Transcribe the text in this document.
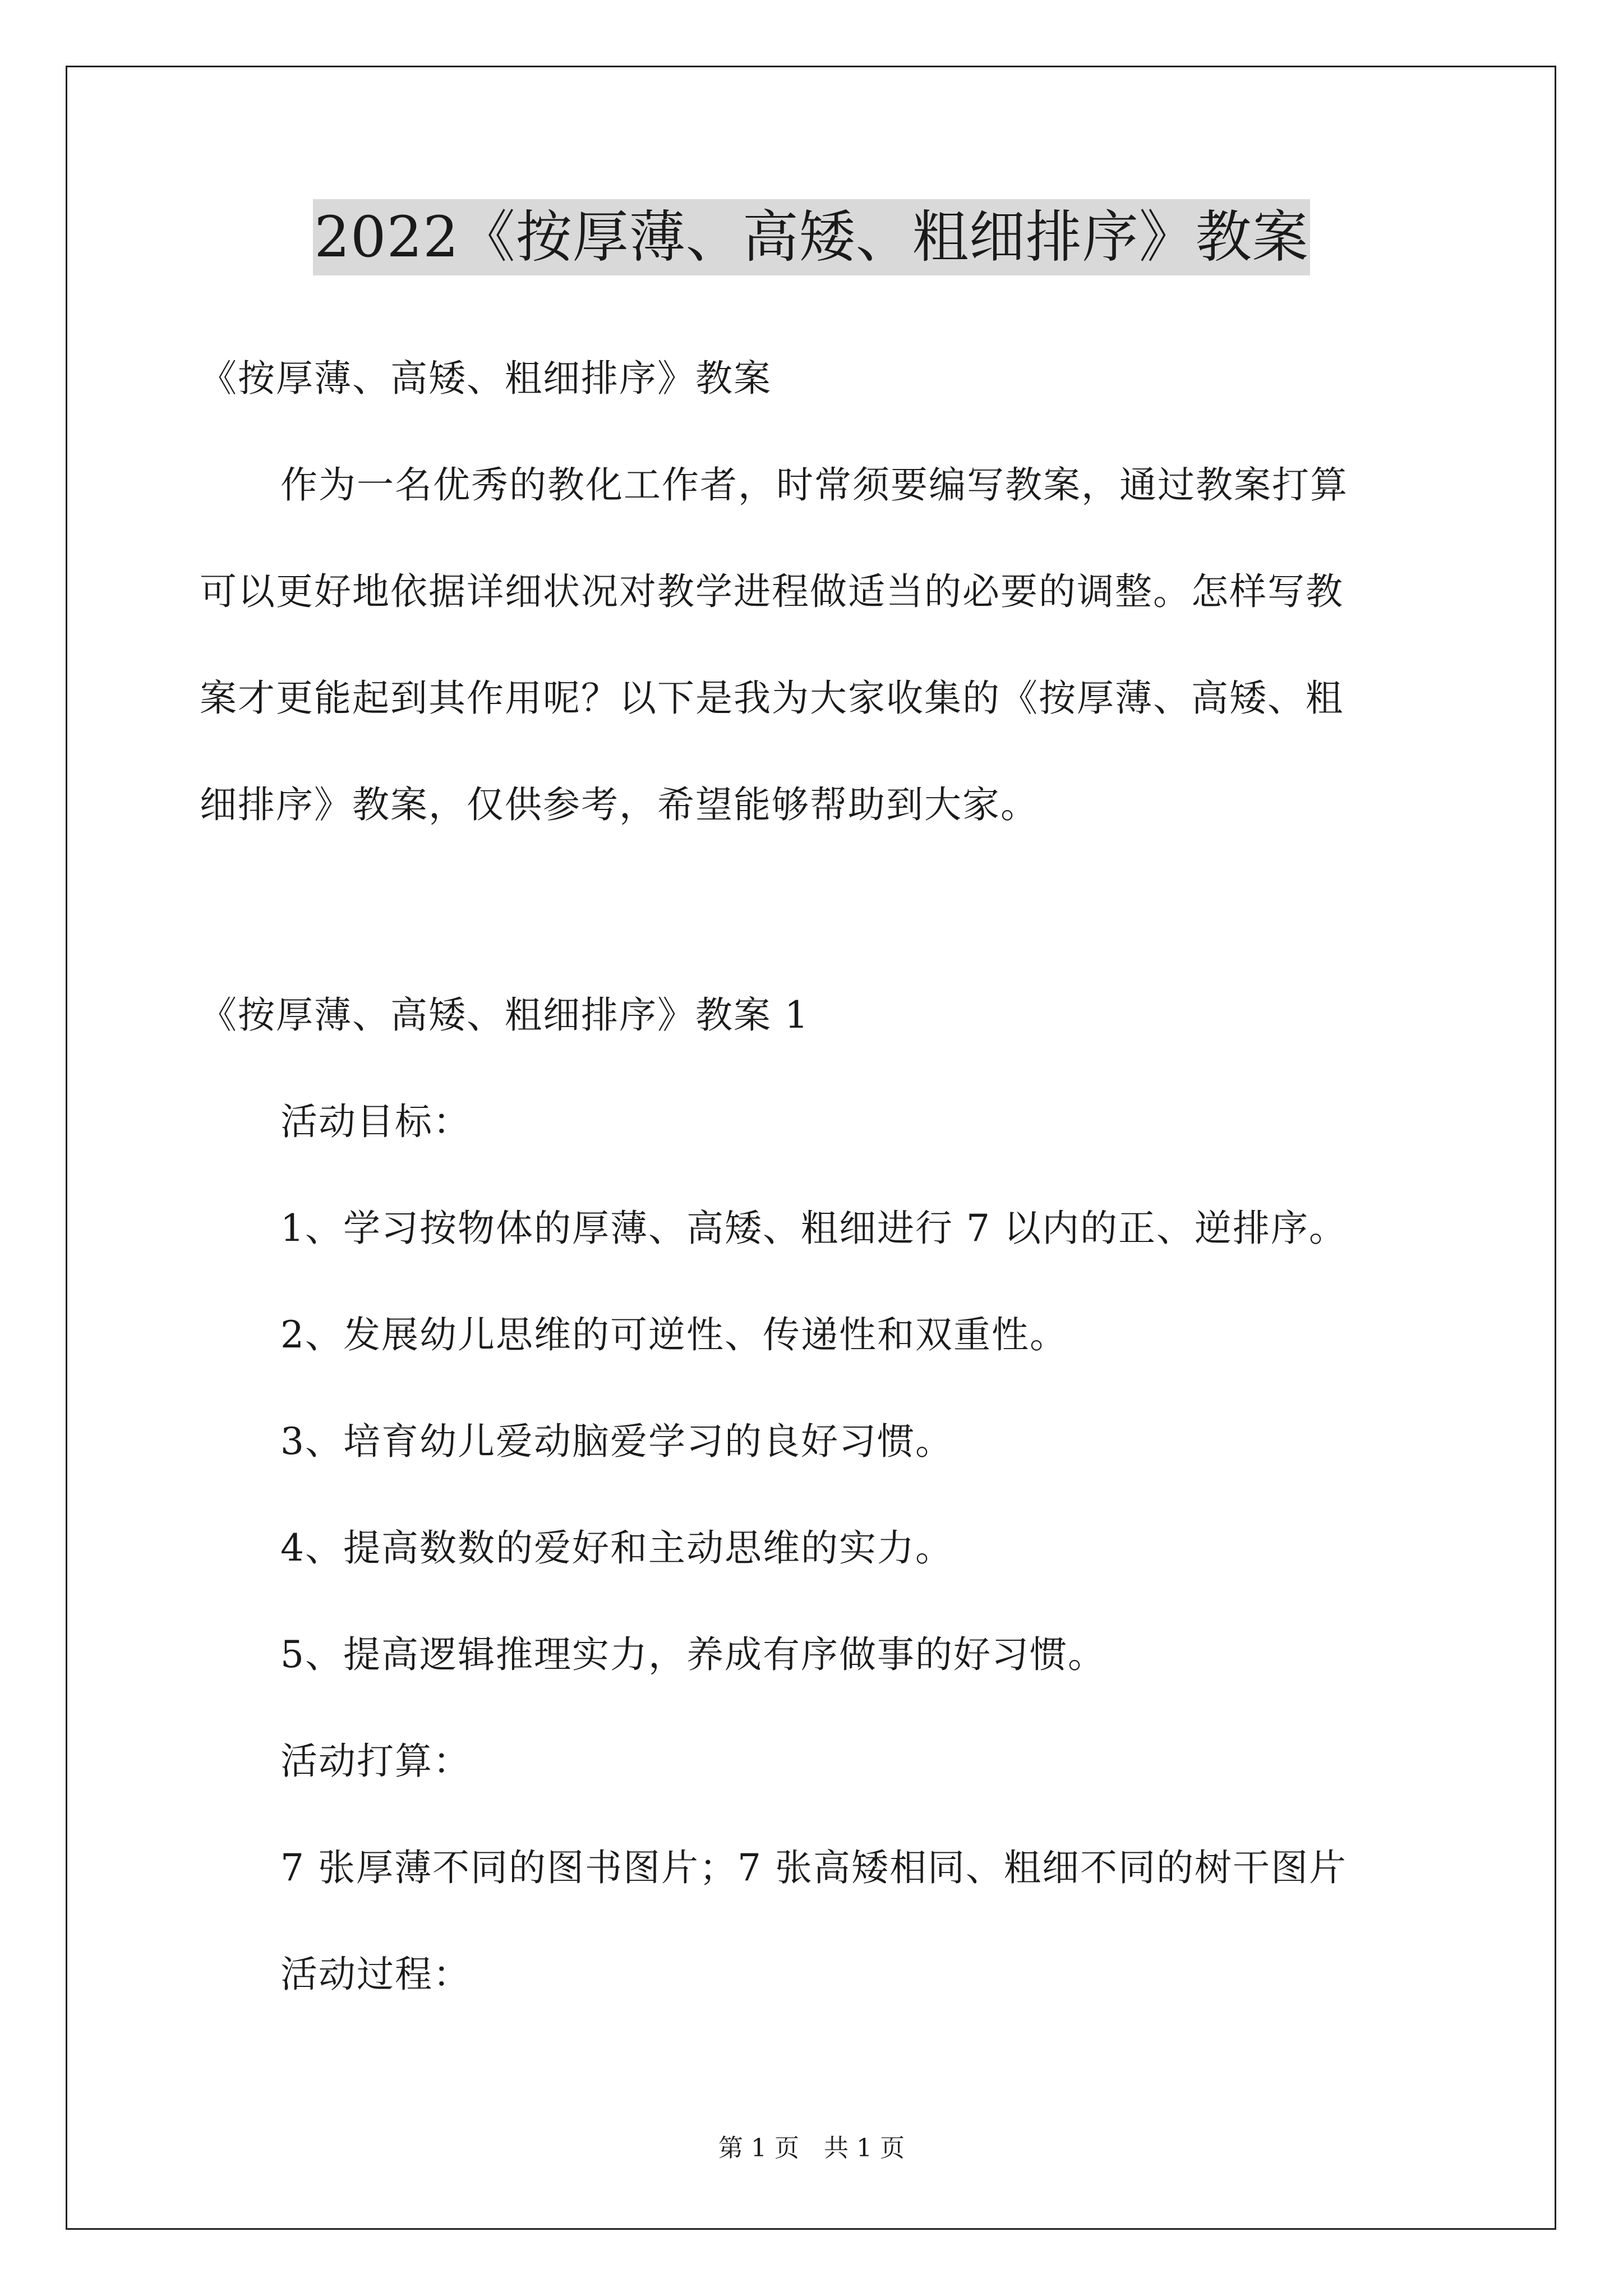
2022《按厚薄、高矮、粗细排序》教案
《按厚薄、高矮、粗细排序》教案
作为一名优秀的教化工作者，时常须要编写教案，通过教案打算
可以更好地依据详细状况对教学进程做适当的必要的调整。怎样写教
案才更能起到其作用呢？以下是我为大家收集的《按厚薄、高矮、粗
细排序》教案，仅供参考，希望能够帮助到大家。
《按厚薄、高矮、粗细排序》教案 1
活动目标：
1、学习按物体的厚薄、高矮、粗细进行 7 以内的正、逆排序。
2、发展幼儿思维的可逆性、传递性和双重性。
3、培育幼儿爱动脑爱学习的良好习惯。
4、提高数数的爱好和主动思维的实力。
5、提高逻辑推理实力，养成有序做事的好习惯。
活动打算：
7 张厚薄不同的图书图片；7 张高矮相同、粗细不同的树干图片
活动过程：
第 1 页　共 1 页
